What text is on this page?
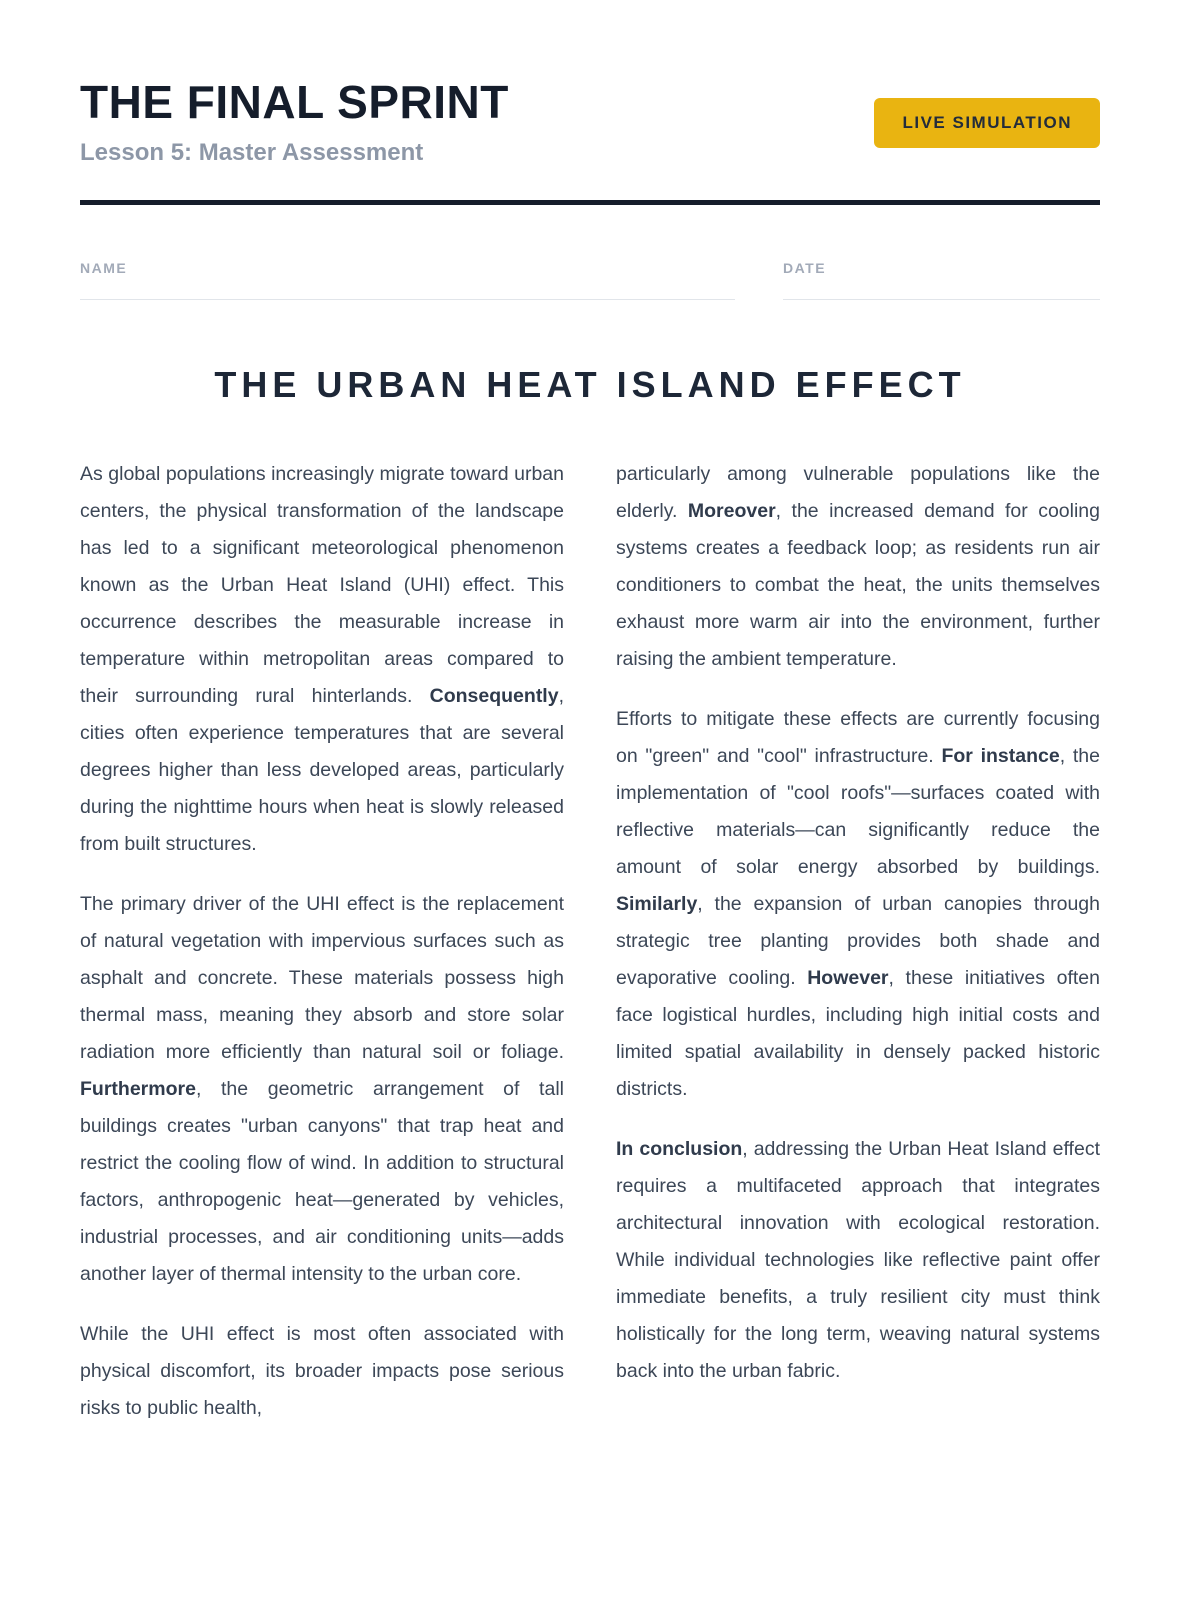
THE FINAL SPRINT
Lesson 5: Master Assessment
LIVE SIMULATION
NAME	DATE
THE URBAN HEAT ISLAND EFFECT

As global populations increasingly migrate toward urban centers, the physical transformation of the landscape has led to a significant meteorological phenomenon known as the Urban Heat Island (UHI) effect. This occurrence describes the measurable increase in temperature within metropolitan areas compared to their surrounding rural hinterlands. Consequently, cities often experience temperatures that are several degrees higher than less developed areas, particularly during the nighttime hours when heat is slowly released from built structures.

The primary driver of the UHI effect is the replacement of natural vegetation with impervious surfaces such as asphalt and concrete. These materials possess high thermal mass, meaning they absorb and store solar radiation more efficiently than natural soil or foliage. Furthermore, the geometric arrangement of tall buildings creates "urban canyons" that trap heat and restrict the cooling flow of wind. In addition to structural factors, anthropogenic heat—generated by vehicles, industrial processes, and air conditioning units—adds another layer of thermal intensity to the urban core.

While the UHI effect is most often associated with physical discomfort, its broader impacts pose serious risks to public health,

particularly among vulnerable populations like the elderly. Moreover, the increased demand for cooling systems creates a feedback loop; as residents run air conditioners to combat the heat, the units themselves exhaust more warm air into the environment, further raising the ambient temperature.

Efforts to mitigate these effects are currently focusing on "green" and "cool" infrastructure. For instance, the implementation of "cool roofs"—surfaces coated with reflective materials—can significantly reduce the amount of solar energy absorbed by buildings. Similarly, the expansion of urban canopies through strategic tree planting provides both shade and evaporative cooling. However, these initiatives often face logistical hurdles, including high initial costs and limited spatial availability in densely packed historic districts.

In conclusion, addressing the Urban Heat Island effect requires a multifaceted approach that integrates architectural innovation with ecological restoration. While individual technologies like reflective paint offer immediate benefits, a truly resilient city must think holistically for the long term, weaving natural systems back into the urban fabric.
